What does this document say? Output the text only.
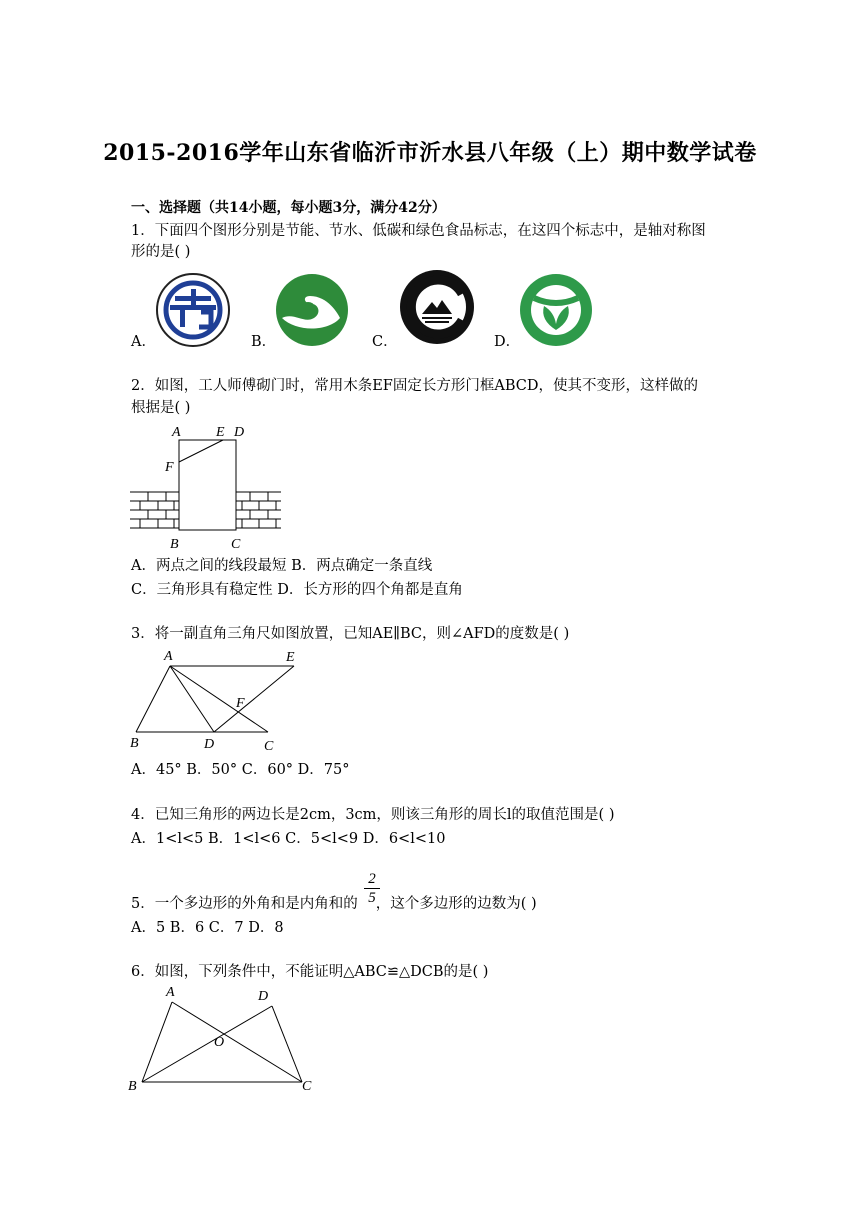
2015-2016学年山东省临沂市沂水县八年级（上）期中数学试卷
一、选择题（共14小题，每小题3分，满分42分）
1．下面四个图形分别是节能、节水、低碳和绿色食品标志，在这四个标志中，是轴对称图
形的是( )
A．	B．	C．	D．
2．如图，工人师傅砌门时，常用木条EF固定长方形门框ABCD，使其不变形，这样做的
根据是( )
A	E D
F
B	C
A．两点之间的线段最短 B．两点确定一条直线
C．三角形具有稳定性 D．长方形的四个角都是直角
3．将一副直角三角尺如图放置，已知AE∥BC，则∠AFD的度数是( )
A	E
F
B	D	C
A．45° B．50° C．60° D．75°
4．已知三角形的两边长是2cm，3cm，则该三角形的周长l的取值范围是( )
A．1<l<5 B．1<l<6 C．5<l<9 D．6<l<10
5．一个多边形的外角和是内角和的 ，这个多边形的边数为( )
2
5
A．5 B．6 C．7 D．8
6．如图，下列条件中，不能证明△ABC≌△DCB的是( )
A	D
O
B	C
